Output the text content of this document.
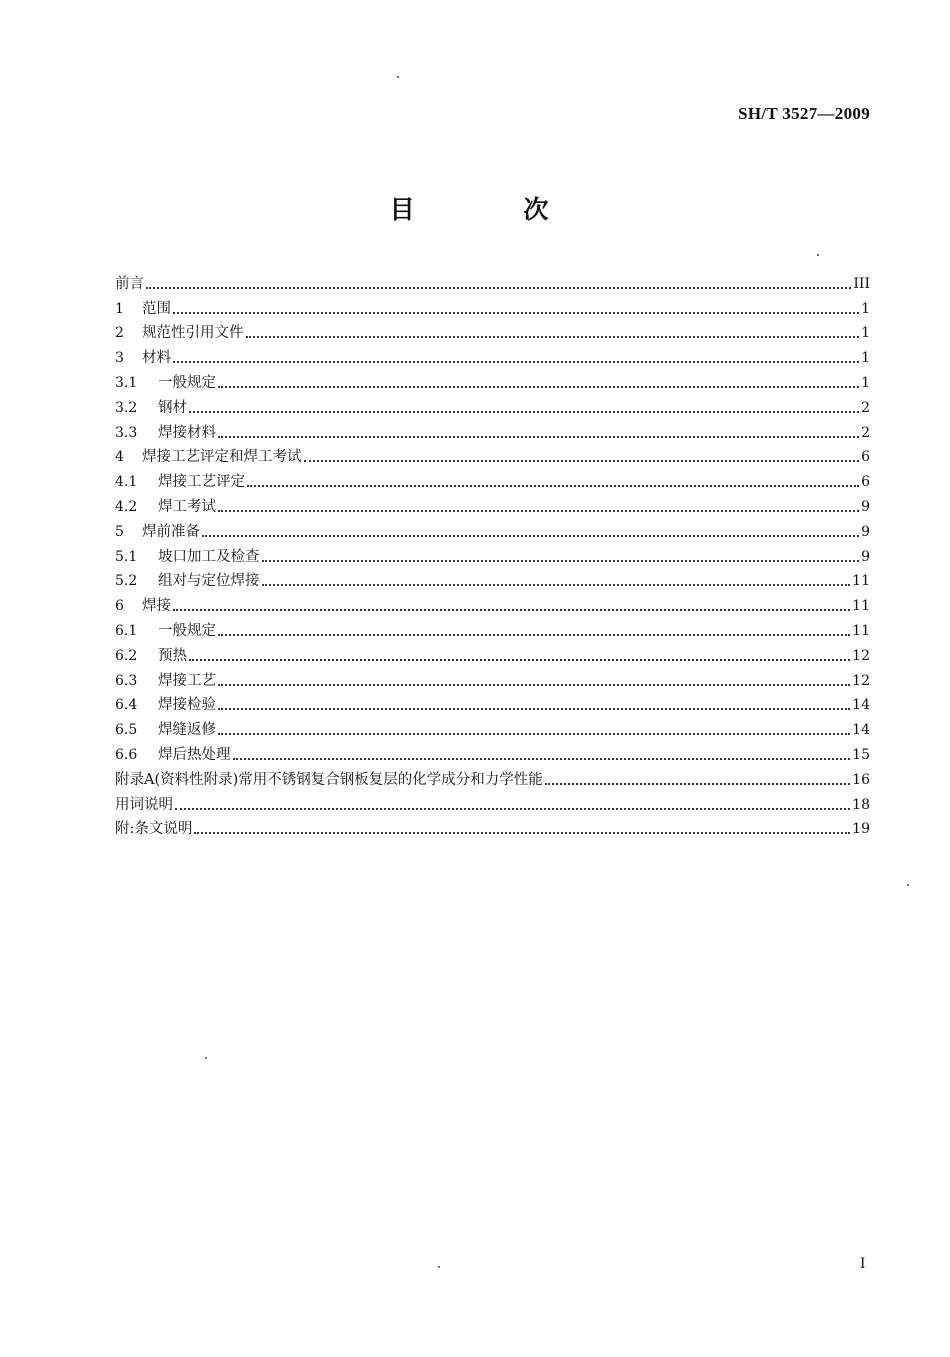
SH/T 3527—2009
目 次
前言	III
1	范围	1
2	规范性引用文件	1
3	材料	1
3.1	一般规定	1
3.2	钢材	2
3.3	焊接材料	2
4	焊接工艺评定和焊工考试	6
4.1	焊接工艺评定	6
4.2	焊工考试	9
5	焊前准备	9
5.1	坡口加工及检查	9
5.2	组对与定位焊接	11
6	焊接	11
6.1	一般规定	11
6.2	预热	12
6.3	焊接工艺	12
6.4	焊接检验	14
6.5	焊缝返修	14
6.6	焊后热处理	15
附录A(资料性附录)常用不锈钢复合钢板复层的化学成分和力学性能	16
用词说明	18
附:条文说明	19
I
